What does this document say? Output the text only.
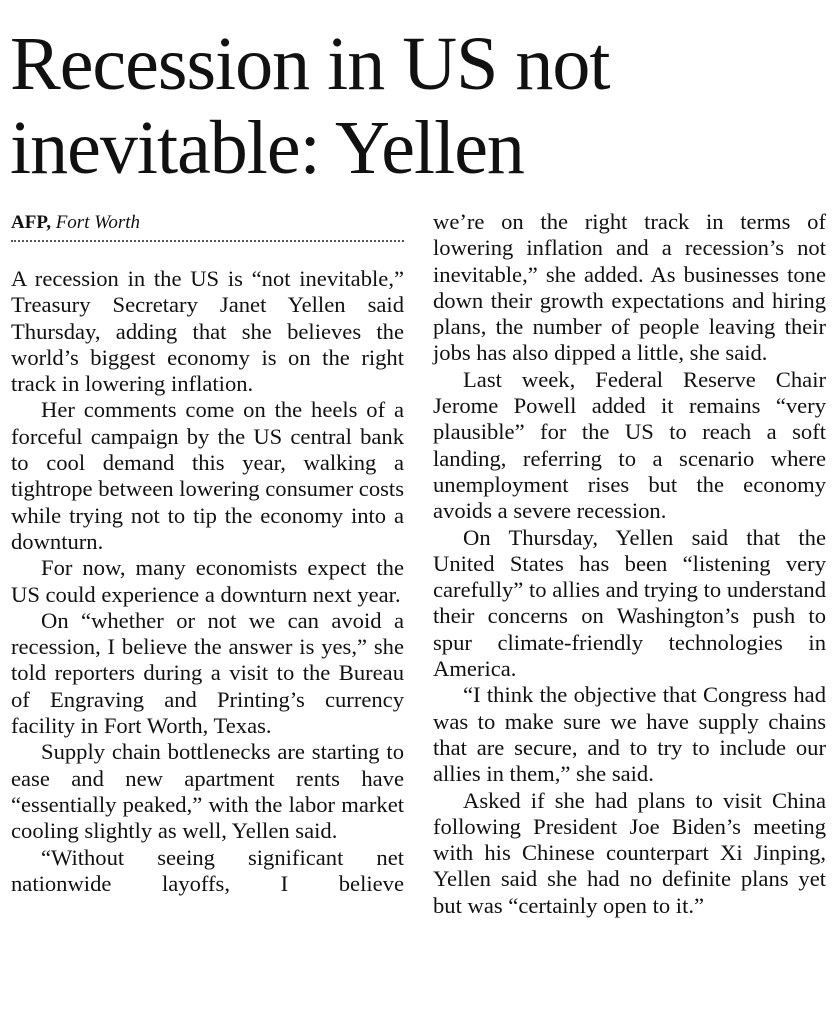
Recession in US not inevitable: Yellen
AFP, Fort Worth

A recession in the US is “not inevitable,” Treasury Secretary Janet Yellen said Thursday, adding that she believes the world’s biggest economy is on the right track in lowering inflation.

Her comments come on the heels of a forceful campaign by the US central bank to cool demand this year, walking a tightrope between lowering consumer costs while trying not to tip the economy into a downturn.

For now, many economists expect the US could experience a downturn next year.

On “whether or not we can avoid a recession, I believe the answer is yes,” she told reporters during a visit to the Bureau of Engraving and Printing’s currency facility in Fort Worth, Texas.

Supply chain bottlenecks are starting to ease and new apartment rents have “essentially peaked,” with the labor market cooling slightly as well, Yellen said.

“Without seeing significant net nationwide layoffs, I believe

we’re on the right track in terms of lowering inflation and a recession’s not inevitable,” she added. As businesses tone down their growth expectations and hiring plans, the number of people leaving their jobs has also dipped a little, she said.

Last week, Federal Reserve Chair Jerome Powell added it remains “very plausible” for the US to reach a soft landing, referring to a scenario where unemployment rises but the economy avoids a severe recession.

On Thursday, Yellen said that the United States has been “listening very carefully” to allies and trying to understand their concerns on Washington’s push to spur climate-friendly technologies in America.

“I think the objective that Congress had was to make sure we have supply chains that are secure, and to try to include our allies in them,” she said.

Asked if she had plans to visit China following President Joe Biden’s meeting with his Chinese counterpart Xi Jinping, Yellen said she had no definite plans yet but was “certainly open to it.”
